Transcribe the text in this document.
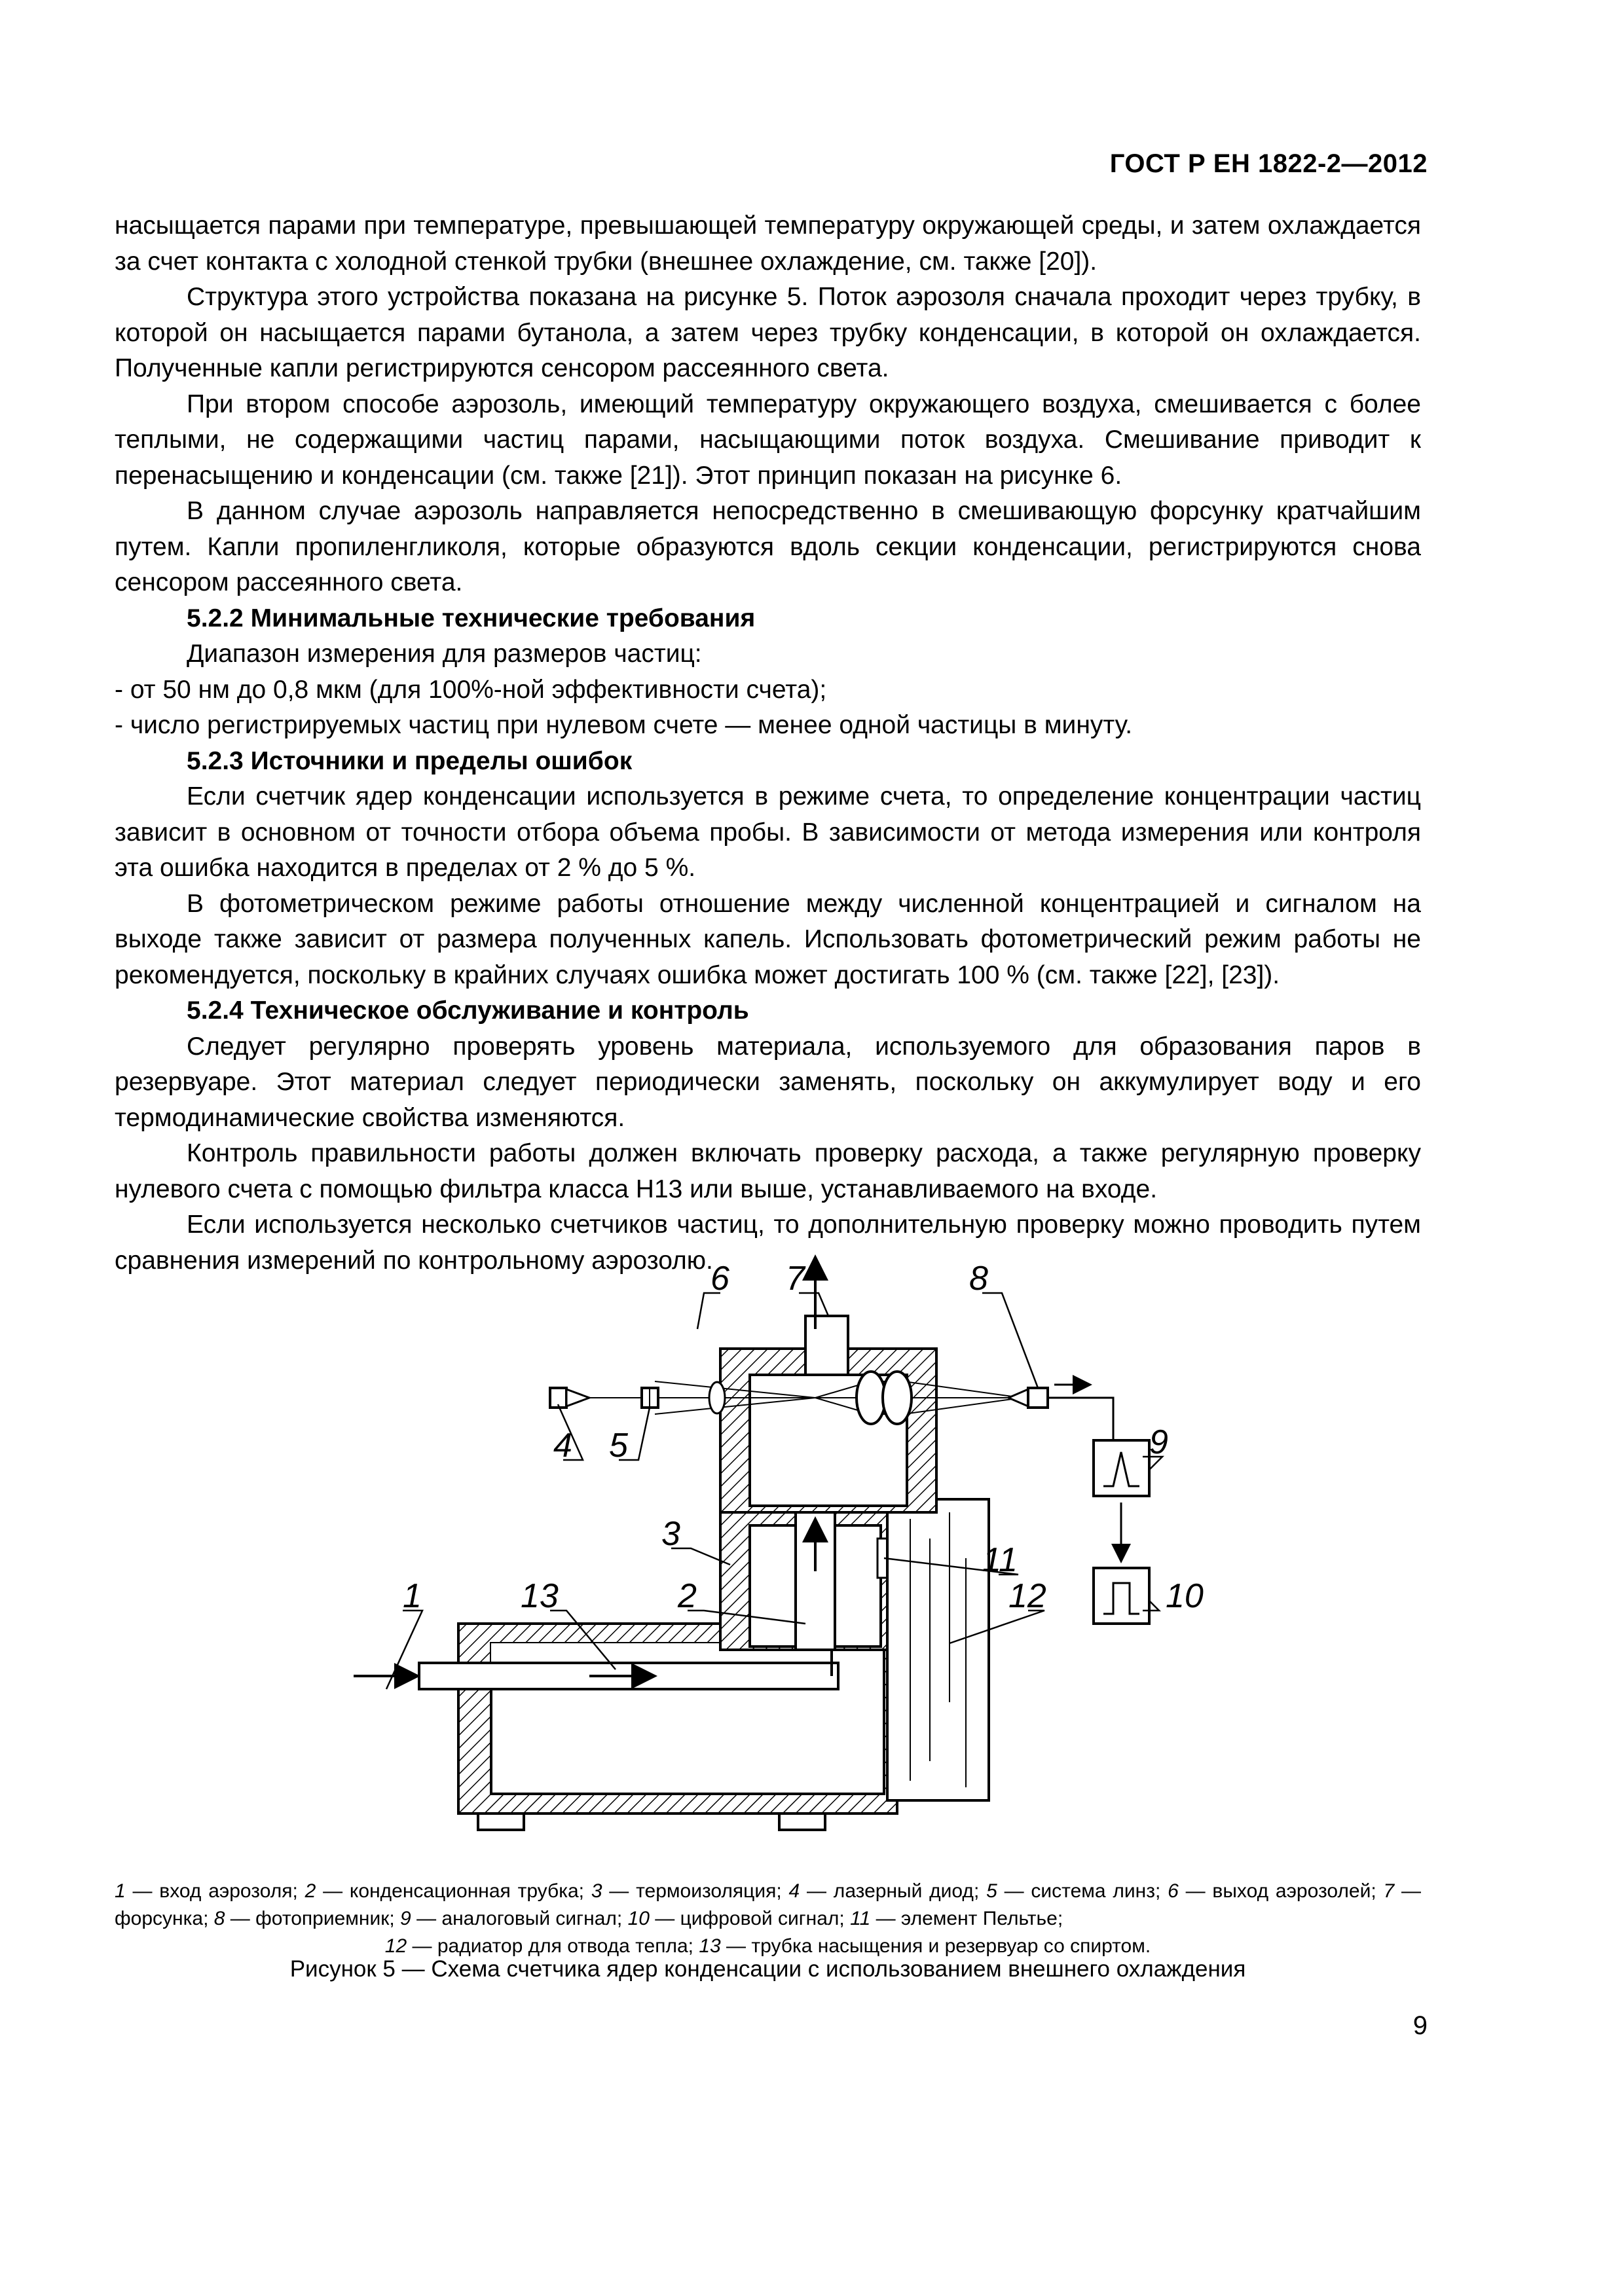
ГОСТ Р ЕН 1822-2—2012

насыщается парами при температуре, превышающей температуру окружающей среды, и затем охлаждается за счет контакта с холодной стенкой трубки (внешнее охлаждение, см. также [20]).

Структура этого устройства показана на рисунке 5. Поток аэрозоля сначала проходит через трубку, в которой он насыщается парами бутанола, а затем через трубку конденсации, в которой он охлаждается. Полученные капли регистрируются сенсором рассеянного света.

При втором способе аэрозоль, имеющий температуру окружающего воздуха, смешивается с более теплыми, не содержащими частиц парами, насыщающими поток воздуха. Смешивание приводит к перенасыщению и конденсации (см. также [21]). Этот принцип показан на рисунке 6.

В данном случае аэрозоль направляется непосредственно в смешивающую форсунку кратчайшим путем. Капли пропиленгликоля, которые образуются вдоль секции конденсации, регистрируются снова сенсором рассеянного света.

5.2.2 Минимальные технические требования

Диапазон измерения для размеров частиц:

- от 50 нм до 0,8 мкм (для 100%-ной эффективности счета);

- число регистрируемых частиц при нулевом счете — менее одной частицы в минуту.

5.2.3 Источники и пределы ошибок

Если счетчик ядер конденсации используется в режиме счета, то определение концентрации частиц зависит в основном от точности отбора объема пробы. В зависимости от метода измерения или контроля эта ошибка находится в пределах от 2 % до 5 %.

В фотометрическом режиме работы отношение между численной концентрацией и сигналом на выходе также зависит от размера полученных капель. Использовать фотометрический режим работы не рекомендуется, поскольку в крайних случаях ошибка может достигать 100 % (см. также [22], [23]).

5.2.4 Техническое обслуживание и контроль

Следует регулярно проверять уровень материала, используемого для образования паров в резервуаре. Этот материал следует периодически заменять, поскольку он аккумулирует воду и его термодинамические свойства изменяются.

Контроль правильности работы должен включать проверку расхода, а также регулярную проверку нулевого счета с помощью фильтра класса Н13 или выше, устанавливаемого на входе.

Если используется несколько счетчиков частиц, то дополнительную проверку можно проводить путем сравнения измерений по контрольному аэрозолю.

6 7	8
4 5
3
2
11
12
13
1
9
10
1 — вход аэрозоля; 2 — конденсационная трубка; 3 — термоизоляция; 4 — лазерный диод; 5 — система линз; 6 — выход аэрозолей; 7 — форсунка; 8 — фотоприемник; 9 — аналоговый сигнал; 10 — цифровой сигнал; 11 — элемент Пельтье;
12 — радиатор для отвода тепла; 13 — трубка насыщения и резервуар со спиртом.
Рисунок 5 — Схема счетчика ядер конденсации с использованием внешнего охлаждения
9
